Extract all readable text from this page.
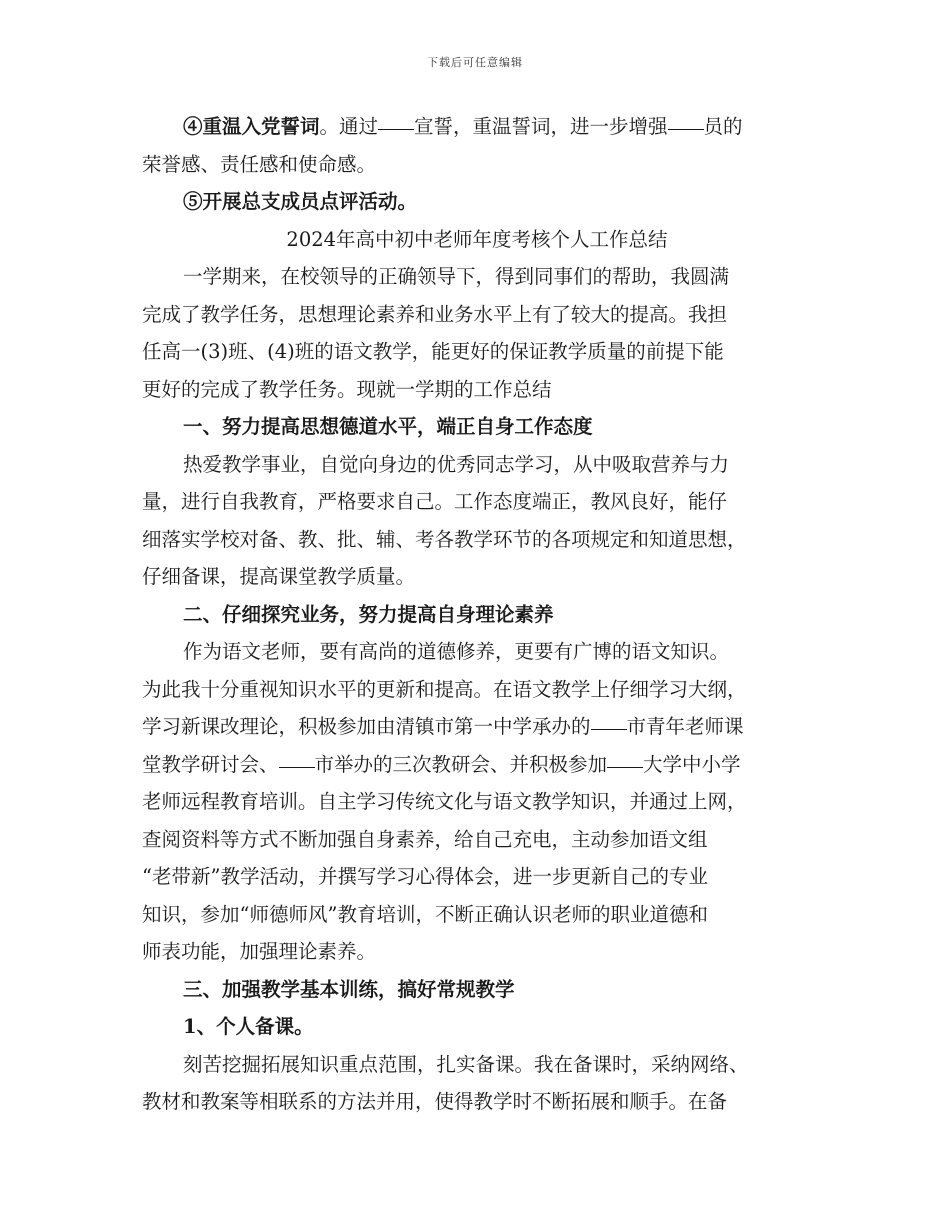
下载后可任意编辑
④重温入党誓词。通过 宣誓，重温誓词，进一步增强 员的
荣誉感、责任感和使命感。
⑤开展总支成员点评活动。
2024年高中初中老师年度考核个人工作总结
一学期来，在校领导的正确领导下，得到同事们的帮助，我圆满
完成了教学任务，思想理论素养和业务水平上有了较大的提高。我担
任高一(3)班、(4)班的语文教学，能更好的保证教学质量的前提下能
更好的完成了教学任务。现就一学期的工作总结
一、努力提高思想德道水平，端正自身工作态度
热爱教学事业，自觉向身边的优秀同志学习，从中吸取营养与力
量，进行自我教育，严格要求自己。工作态度端正，教风良好，能仔
细落实学校对备、教、批、辅、考各教学环节的各项规定和知道思想，
仔细备课，提高课堂教学质量。
二、仔细探究业务，努力提高自身理论素养
作为语文老师，要有高尚的道德修养，更要有广博的语文知识。
为此我十分重视知识水平的更新和提高。在语文教学上仔细学习大纲，
学习新课改理论，积极参加由清镇市第一中学承办的 市青年老师课
堂教学研讨会、 市举办的三次教研会、并积极参加 大学中小学
老师远程教育培训。自主学习传统文化与语文教学知识，并通过上网，
查阅资料等方式不断加强自身素养，给自己充电，主动参加语文组
“老带新”教学活动，并撰写学习心得体会，进一步更新自己的专业
知识，参加“师德师风”教育培训，不断正确认识老师的职业道德和
师表功能，加强理论素养。
三、加强教学基本训练，搞好常规教学
1、个人备课。
刻苦挖掘拓展知识重点范围，扎实备课。我在备课时，采纳网络、
教材和教案等相联系的方法并用，使得教学时不断拓展和顺手。在备
